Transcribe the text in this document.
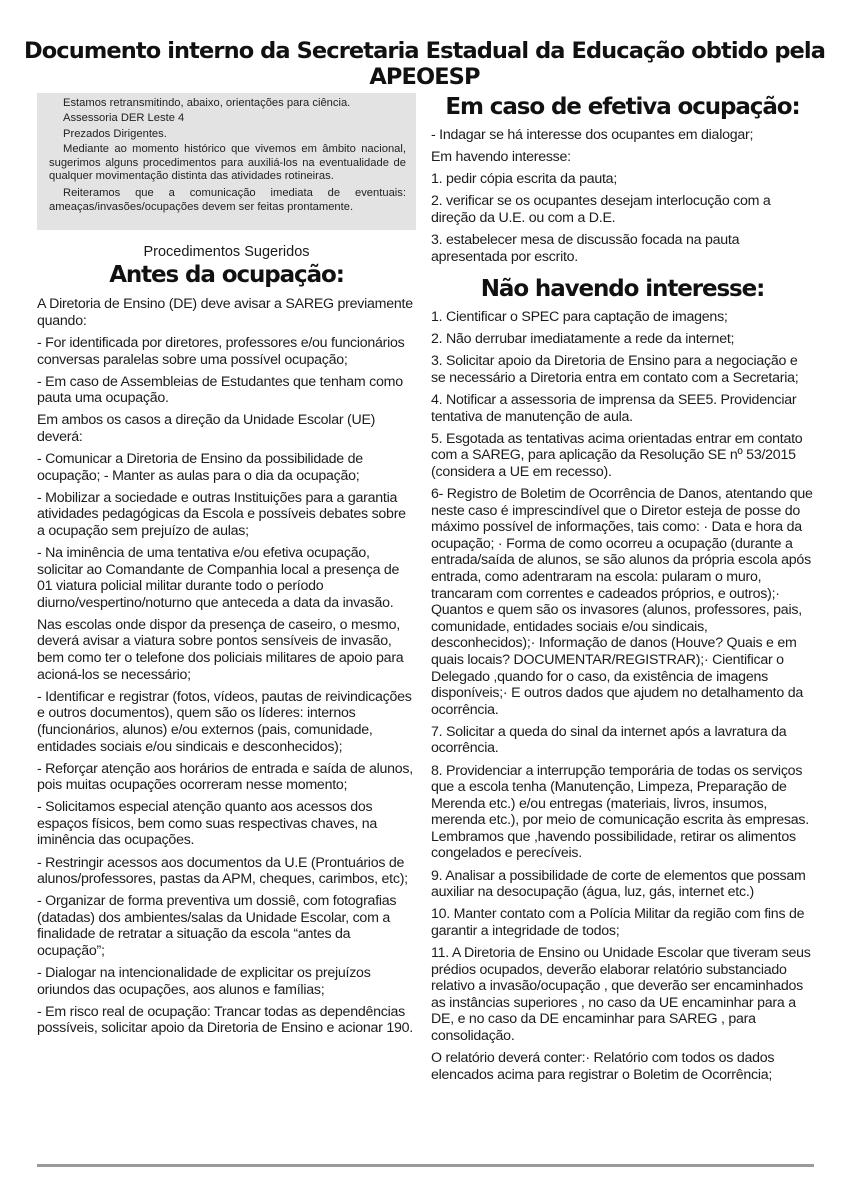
Documento interno da Secretaria Estadual da Educação obtido pela APEOESP

Estamos retransmitindo, abaixo, orientações para ciência.

Assessoria DER Leste 4

Prezados Dirigentes.

Mediante ao momento histórico que vivemos em âmbito nacional, sugerimos alguns procedimentos para auxiliá-los na eventualidade de qualquer movimentação distinta das atividades rotineiras.

Reiteramos que a comunicação imediata de eventuais: ameaças/invasões/ocupações devem ser feitas prontamente.

Procedimentos Sugeridos

Antes da ocupação:

A Diretoria de Ensino (DE) deve avisar a SAREG previamente quando:

- For identificada por diretores, professores e/ou funcionários conversas paralelas sobre uma possível ocupação;

- Em caso de Assembleias de Estudantes que tenham como pauta uma ocupação.

Em ambos os casos a direção da Unidade Escolar (UE) deverá:

- Comunicar a Diretoria de Ensino da possibilidade de ocupação; - Manter as aulas para o dia da ocupação;

- Mobilizar a sociedade e outras Instituições para a garantia atividades pedagógicas da Escola e possíveis debates sobre a ocupação sem prejuízo de aulas;

- Na iminência de uma tentativa e/ou efetiva ocupação, solicitar ao Comandante de Companhia local a presença de 01 viatura policial militar durante todo o período diurno/vespertino/noturno que anteceda a data da invasão.

Nas escolas onde dispor da presença de caseiro, o mesmo, deverá avisar a viatura sobre pontos sensíveis de invasão, bem como ter o telefone dos policiais militares de apoio para acioná-los se necessário;

- Identificar e registrar (fotos, vídeos, pautas de reivindicações e outros documentos), quem são os líderes: internos (funcionários, alunos) e/ou externos (pais, comunidade, entidades sociais e/ou sindicais e desconhecidos);

- Reforçar atenção aos horários de entrada e saída de alunos, pois muitas ocupações ocorreram nesse momento;

- Solicitamos especial atenção quanto aos acessos dos espaços físicos, bem como suas respectivas chaves, na iminência das ocupações.

- Restringir acessos aos documentos da U.E (Prontuários de alunos/professores, pastas da APM, cheques, carimbos, etc);

- Organizar de forma preventiva um dossiê, com fotografias (datadas) dos ambientes/salas da Unidade Escolar, com a finalidade de retratar a situação da escola “antes da ocupação”;

- Dialogar na intencionalidade de explicitar os prejuízos oriundos das ocupações, aos alunos e famílias;

- Em risco real de ocupação: Trancar todas as dependências possíveis, solicitar apoio da Diretoria de Ensino e acionar 190.

Em caso de efetiva ocupação:

- Indagar se há interesse dos ocupantes em dialogar;

Em havendo interesse:

1. pedir cópia escrita da pauta;

2. verificar se os ocupantes desejam interlocução com a direção da U.E. ou com a D.E.

3. estabelecer mesa de discussão focada na pauta apresentada por escrito.

Não havendo interesse:

1. Cientificar o SPEC para captação de imagens;

2. Não derrubar imediatamente a rede da internet;

3. Solicitar apoio da Diretoria de Ensino para a negociação e se necessário a Diretoria entra em contato com a Secretaria;

4. Notificar a assessoria de imprensa da SEE5. Providenciar tentativa de manutenção de aula.

5. Esgotada as tentativas acima orientadas entrar em contato com a SAREG, para aplicação da Resolução SE nº 53/2015 (considera a UE em recesso).

6- Registro de Boletim de Ocorrência de Danos, atentando que neste caso é imprescindível que o Diretor esteja de posse do máximo possível de informações, tais como: · Data e hora da ocupação; · Forma de como ocorreu a ocupação (durante a entrada/saída de alunos, se são alunos da própria escola após entrada, como adentraram na escola: pularam o muro, trancaram com correntes e cadeados próprios, e outros);· Quantos e quem são os invasores (alunos, professores, pais, comunidade, entidades sociais e/ou sindicais, desconhecidos);· Informação de danos (Houve? Quais e em quais locais? DOCUMENTAR/REGISTRAR);· Cientificar o Delegado ,quando for o caso, da existência de imagens disponíveis;· E outros dados que ajudem no detalhamento da ocorrência.

7. Solicitar a queda do sinal da internet após a lavratura da ocorrência.

8. Providenciar a interrupção temporária de todas os serviços que a escola tenha (Manutenção, Limpeza, Preparação de Merenda etc.) e/ou entregas (materiais, livros, insumos, merenda etc.), por meio de comunicação escrita às empresas. Lembramos que ,havendo possibilidade, retirar os alimentos congelados e perecíveis.

9. Analisar a possibilidade de corte de elementos que possam auxiliar na desocupação (água, luz, gás, internet etc.)

10. Manter contato com a Polícia Militar da região com fins de garantir a integridade de todos;

11. A Diretoria de Ensino ou Unidade Escolar que tiveram seus prédios ocupados, deverão elaborar relatório substanciado relativo a invasão/ocupação , que deverão ser encaminhados as instâncias superiores , no caso da UE encaminhar para a DE, e no caso da DE encaminhar para SAREG , para consolidação.

O relatório deverá conter:· Relatório com todos os dados elencados acima para registrar o Boletim de Ocorrência;
